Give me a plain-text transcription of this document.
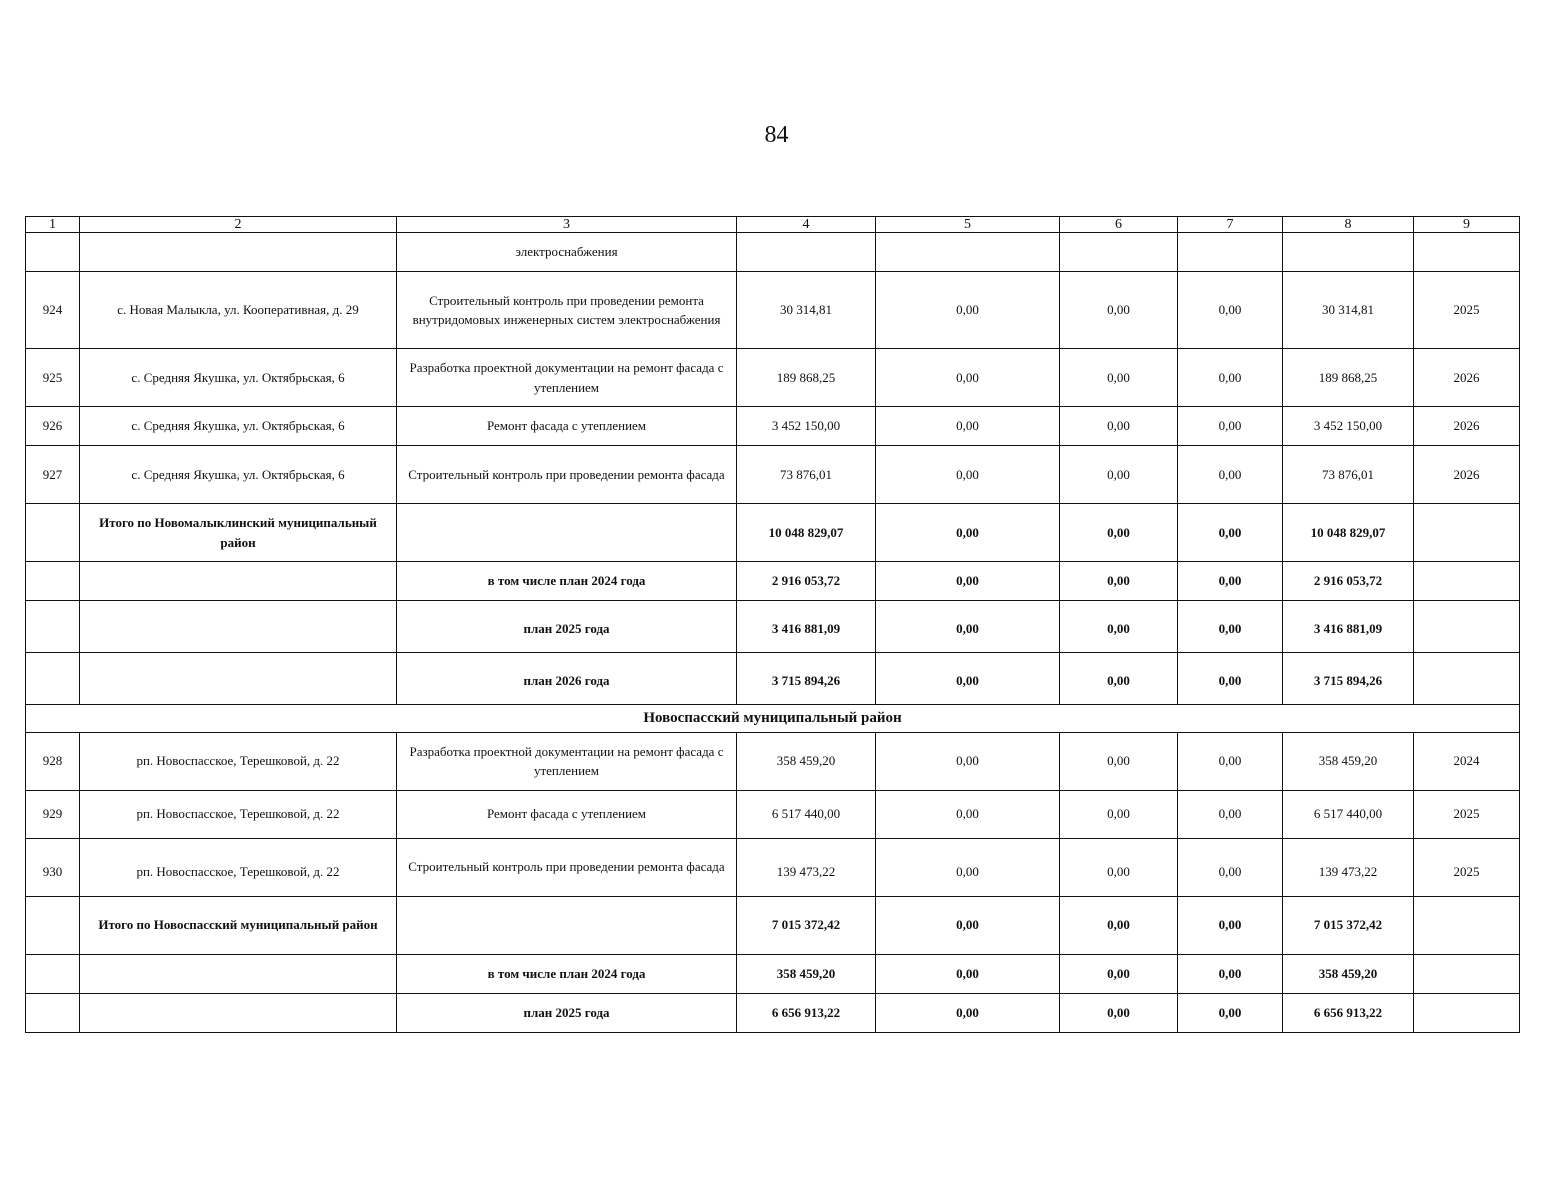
84
1	2	3	4	5	6	7	8	9
		электроснабжения						
924	с. Новая Малыкла, ул. Кооперативная, д. 29	Строительный контроль при проведении ремонта внутридомовых инженерных систем электроснабжения	30 314,81	0,00	0,00	0,00	30 314,81	2025
925	с. Средняя Якушка, ул. Октябрьская, 6	Разработка проектной документации на ремонт фасада с утеплением	189 868,25	0,00	0,00	0,00	189 868,25	2026
926	с. Средняя Якушка, ул. Октябрьская, 6	Ремонт фасада с утеплением	3 452 150,00	0,00	0,00	0,00	3 452 150,00	2026
927	с. Средняя Якушка, ул. Октябрьская, 6	Строительный контроль при проведении ремонта фасада	73 876,01	0,00	0,00	0,00	73 876,01	2026
	Итого по Новомалыклинский муниципальный район		10 048 829,07	0,00	0,00	0,00	10 048 829,07	
		в том числе план 2024 года	2 916 053,72	0,00	0,00	0,00	2 916 053,72	
		план 2025 года	3 416 881,09	0,00	0,00	0,00	3 416 881,09	
		план 2026 года	3 715 894,26	0,00	0,00	0,00	3 715 894,26	
Новоспасский муниципальный район								
928	рп. Новоспасское, Терешковой, д. 22	Разработка проектной документации на ремонт фасада с утеплением	358 459,20	0,00	0,00	0,00	358 459,20	2024
929	рп. Новоспасское, Терешковой, д. 22	Ремонт фасада с утеплением	6 517 440,00	0,00	0,00	0,00	6 517 440,00	2025
930	рп. Новоспасское, Терешковой, д. 22	Строительный контроль при проведении ремонта фасада	139 473,22	0,00	0,00	0,00	139 473,22	2025
	Итого по Новоспасский муниципальный район		7 015 372,42	0,00	0,00	0,00	7 015 372,42	
		в том числе план 2024 года	358 459,20	0,00	0,00	0,00	358 459,20	
		план 2025 года	6 656 913,22	0,00	0,00	0,00	6 656 913,22	
